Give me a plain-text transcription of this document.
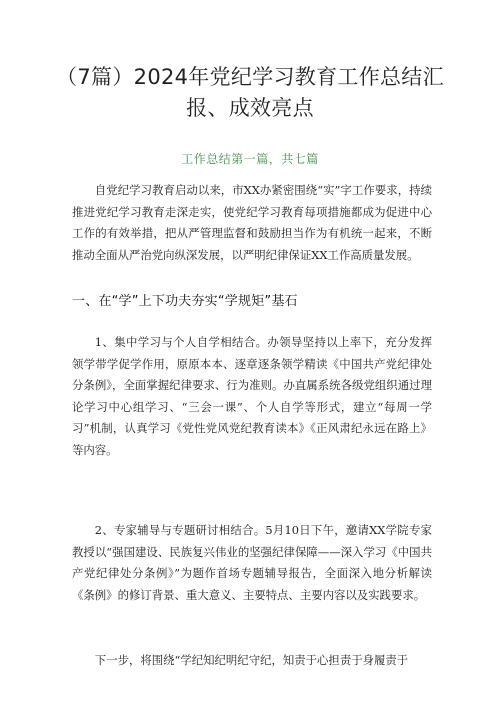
（7篇）2024年党纪学习教育工作总结汇
报、成效亮点
工作总结第一篇，共七篇

自党纪学习教育启动以来，市XX办紧密围绕“实”字工作要求，持续推进党纪学习教育走深走实，使党纪学习教育每项措施都成为促进中心工作的有效举措，把从严管理监督和鼓励担当作为有机统一起来，不断推动全面从严治党向纵深发展，以严明纪律保证XX工作高质量发展。

一、在“学”上下功夫夯实“学规矩”基石

1、集中学习与个人自学相结合。办领导坚持以上率下，充分发挥领学带学促学作用，原原本本、逐章逐条领学精读《中国共产党纪律处分条例》，全面掌握纪律要求、行为准则。办直属系统各级党组织通过理论学习中心组学习、“三会一课”、个人自学等形式，建立“每周一学习”机制，认真学习《党性党风党纪教育读本》《正风肃纪永远在路上》等内容。

2、专家辅导与专题研讨相结合。5月10日下午，邀请XX学院专家教授以“强国建设、民族复兴伟业的坚强纪律保障——深入学习《中国共产党纪律处分条例》”为题作首场专题辅导报告，全面深入地分析解读《条例》的修订背景、重大意义、主要特点、主要内容以及实践要求。

下一步，将围绕“学纪知纪明纪守纪，知责于心担责于身履责于
